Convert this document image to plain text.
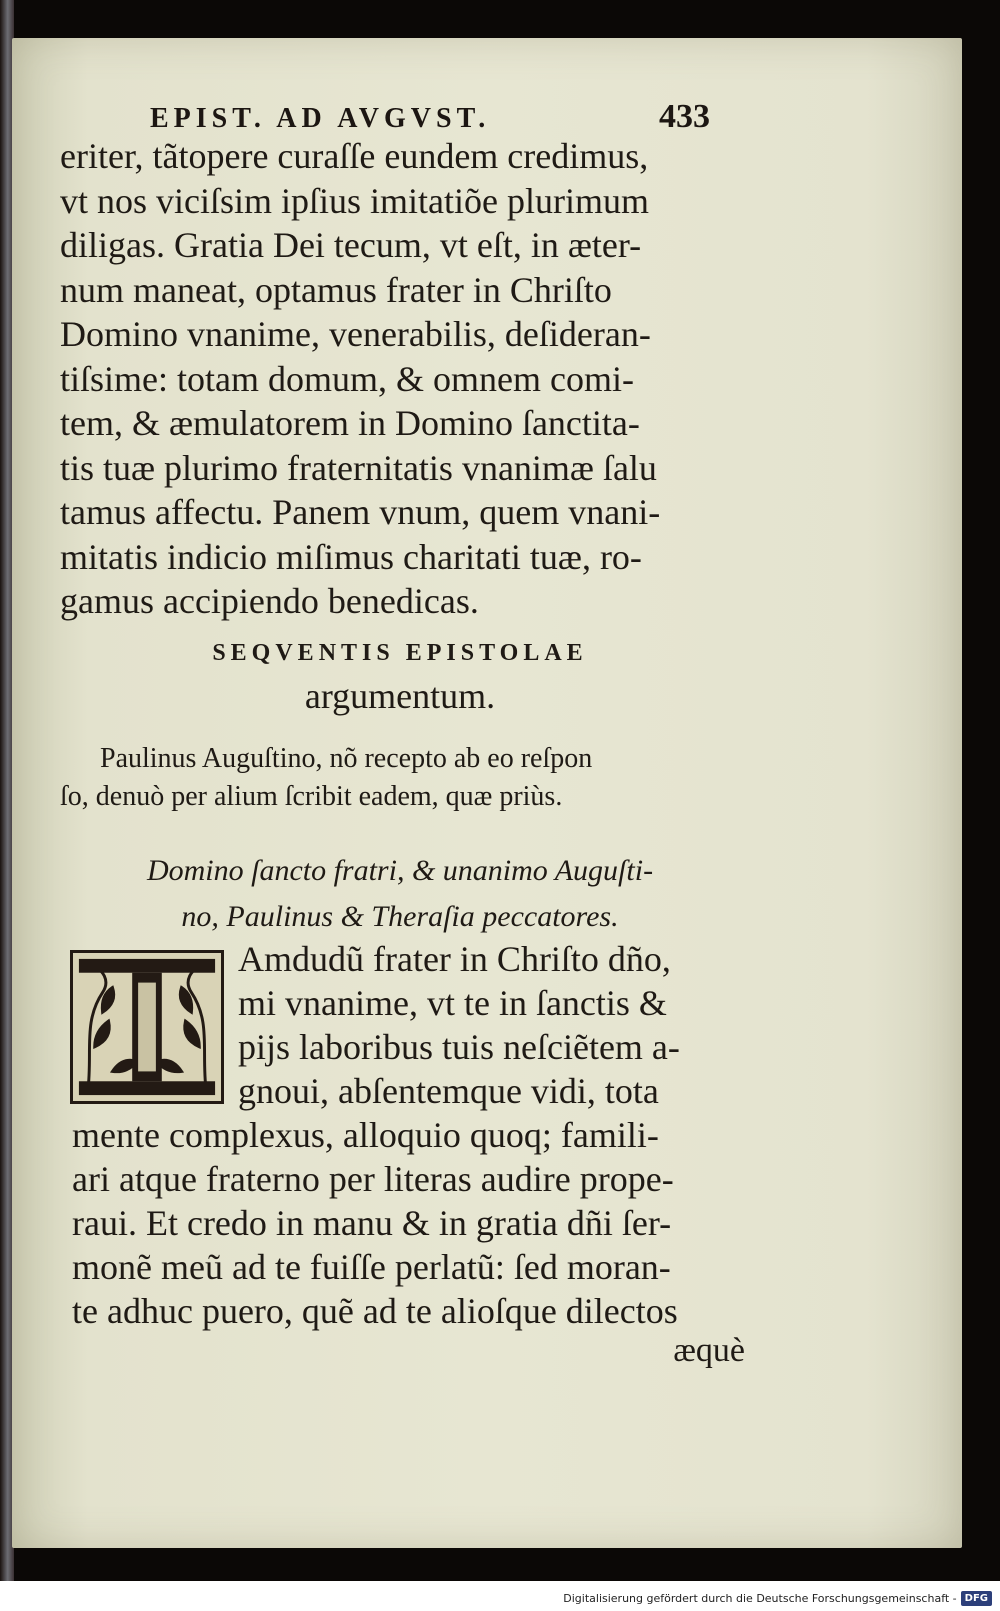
EPIST. AD AVGVST.	433

eriter, tãtopere curaſſe eundem credimus,
vt nos viciſsim ipſius imitatiõe plurimum
diligas. Gratia Dei tecum, vt eſt, in æter-
num maneat, optamus frater in Chriſto
Domino vnanime, venerabilis, deſideran-
tiſsime: totam domum, & omnem comi-
tem, & æmulatorem in Domino ſanctita-
tis tuæ plurimo fraternitatis vnanimæ ſalu
tamus affectu. Panem vnum, quem vnani-
mitatis indicio miſimus charitati tuæ, ro-
gamus accipiendo benedicas.

SEQVENTIS EPISTOLAE
argumentum.

Paulinus Auguſtino, nõ recepto ab eo reſpon
ſo, denuò per alium ſcribit eadem, quæ priùs.

Domino ſancto fratri, & unanimo Auguſti-
no, Paulinus & Theraſia peccatores.

Amdudũ frater in Chriſto dño,
mi vnanime, vt te in ſanctis &
pijs laboribus tuis neſciẽtem a-
gnoui, abſentemque vidi, tota

mente complexus, alloquio quoq; famili-
ari atque fraterno per literas audire prope-
raui. Et credo in manu & in gratia dñi ſer-
monẽ meũ ad te fuiſſe perlatũ: ſed moran-
te adhuc puero, quẽ ad te alioſque dilectos

æquè
Digitalisierung gefördert durch die Deutsche Forschungsgemeinschaft - DFG
